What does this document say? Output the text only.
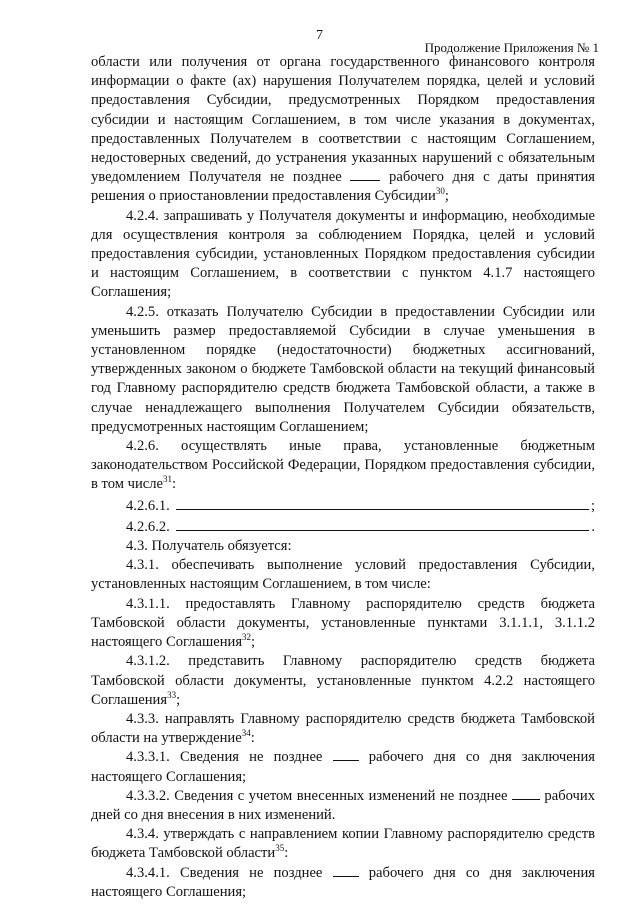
7
Продолжение Приложения № 1

области или получения от органа государственного финансового контроля информации о факте (ах) нарушения Получателем порядка, целей и условий предоставления Субсидии, предусмотренных Порядком предоставления субсидии и настоящим Соглашением, в том числе указания в документах, предоставленных Получателем в соответствии с настоящим Соглашением, недостоверных сведений, до устранения указанных нарушений с обязательным уведомлением Получателя не позднее	рабочего дня с даты принятия решения о приостановлении предоставления Субсидии$^{30}$;

4.2.4. запрашивать у Получателя документы и информацию, необходимые для осуществления контроля за соблюдением Порядка, целей и условий предоставления субсидии, установленных Порядком предоставления субсидии и настоящим Соглашением, в соответствии с пунктом 4.1.7 настоящего Соглашения;

4.2.5. отказать Получателю Субсидии в предоставлении Субсидии или уменьшить размер предоставляемой Субсидии в случае уменьшения в установленном порядке (недостаточности) бюджетных ассигнований, утвержденных законом о бюджете Тамбовской области на текущий финансовый год Главному распорядителю средств бюджета Тамбовской области, а также в случае ненадлежащего выполнения Получателем Субсидии обязательств, предусмотренных настоящим Соглашением;

4.2.6. осуществлять иные права, установленные бюджетным законодательством Российской Федерации, Порядком предоставления субсидии, в том числе$^{31}$:

4.2.6.1.	;
4.2.6.2.	.

4.3. Получатель обязуется:

4.3.1. обеспечивать выполнение условий предоставления Субсидии, установленных настоящим Соглашением, в том числе:

4.3.1.1. предоставлять Главному распорядителю средств бюджета Тамбовской области документы, установленные пунктами 3.1.1.1, 3.1.1.2 настоящего Соглашения$^{32}$;

4.3.1.2. представить Главному распорядителю средств бюджета Тамбовской области документы, установленные пунктом 4.2.2 настоящего Соглашения$^{33}$;

4.3.3. направлять Главному распорядителю средств бюджета Тамбовской области на утверждение$^{34}$:

4.3.3.1. Сведения не позднее	рабочего дня со дня заключения настоящего Соглашения;

4.3.3.2. Сведения с учетом внесенных изменений не позднее	рабочих дней со дня внесения в них изменений.

4.3.4. утверждать с направлением копии Главному распорядителю средств бюджета Тамбовской области$^{35}$:

4.3.4.1. Сведения не позднее	рабочего дня со дня заключения настоящего Соглашения;
